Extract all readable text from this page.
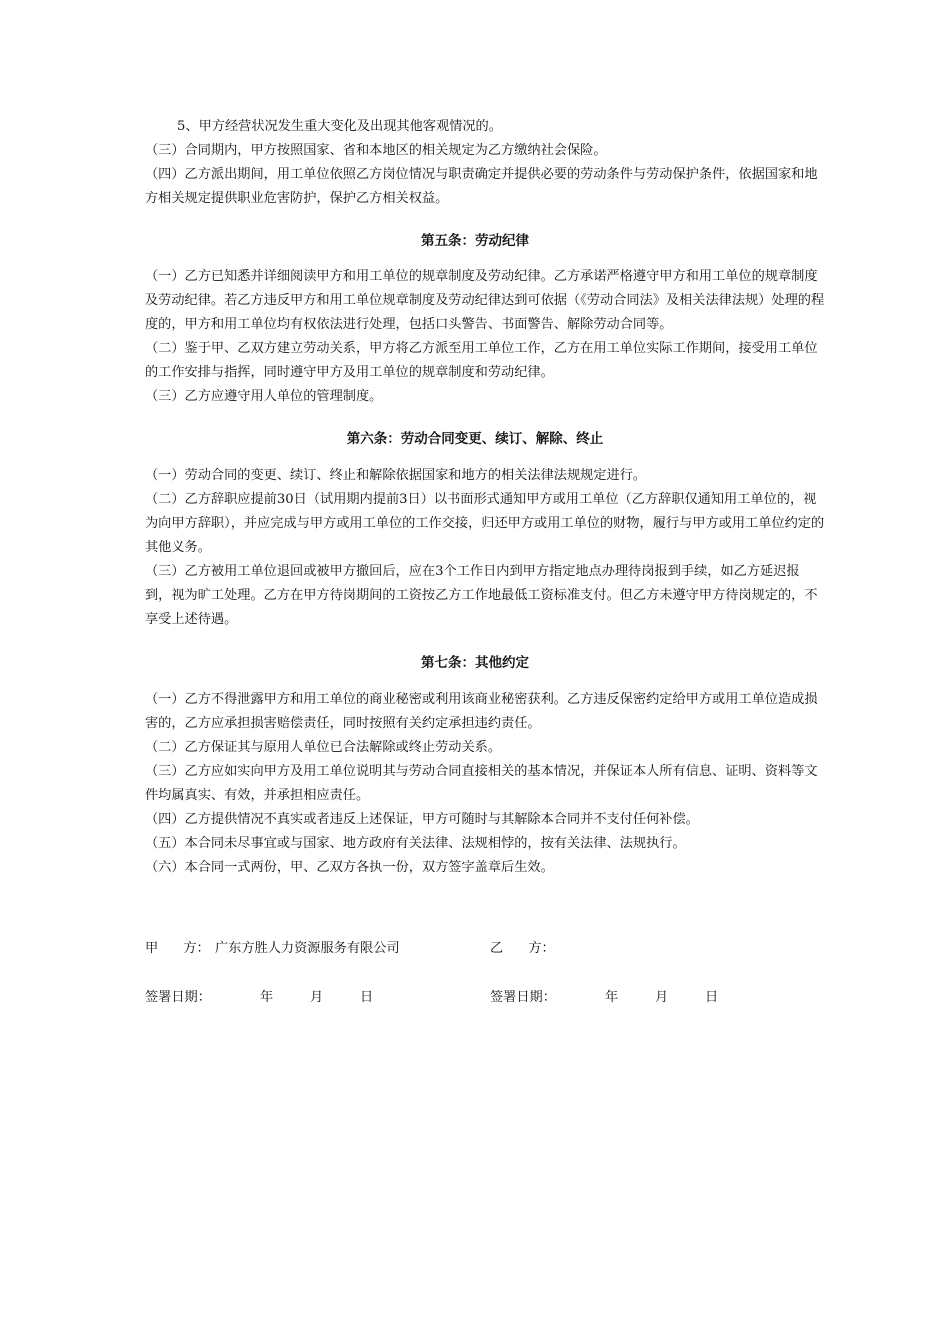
5、甲方经营状况发生重大变化及出现其他客观情况的。

（三）合同期内，甲方按照国家、省和本地区的相关规定为乙方缴纳社会保险。

（四）乙方派出期间，用工单位依照乙方岗位情况与职责确定并提供必要的劳动条件与劳动保护条件，依据国家和地方相关规定提供职业危害防护，保护乙方相关权益。

第五条：劳动纪律

（一）乙方已知悉并详细阅读甲方和用工单位的规章制度及劳动纪律。乙方承诺严格遵守甲方和用工单位的规章制度及劳动纪律。若乙方违反甲方和用工单位规章制度及劳动纪律达到可依据（《劳动合同法》及相关法律法规）处理的程度的，甲方和用工单位均有权依法进行处理，包括口头警告、书面警告、解除劳动合同等。

（二）鉴于甲、乙双方建立劳动关系，甲方将乙方派至用工单位工作，乙方在用工单位实际工作期间，接受用工单位的工作安排与指挥，同时遵守甲方及用工单位的规章制度和劳动纪律。

（三）乙方应遵守用人单位的管理制度。

第六条：劳动合同变更、续订、解除、终止

（一）劳动合同的变更、续订、终止和解除依据国家和地方的相关法律法规规定进行。

（二）乙方辞职应提前30日（试用期内提前3日）以书面形式通知甲方或用工单位（乙方辞职仅通知用工单位的，视为向甲方辞职），并应完成与甲方或用工单位的工作交接，归还甲方或用工单位的财物，履行与甲方或用工单位约定的其他义务。

（三）乙方被用工单位退回或被甲方撤回后，应在3个工作日内到甲方指定地点办理待岗报到手续，如乙方延迟报到，视为旷工处理。乙方在甲方待岗期间的工资按乙方工作地最低工资标准支付。但乙方未遵守甲方待岗规定的，不享受上述待遇。

第七条：其他约定

（一）乙方不得泄露甲方和用工单位的商业秘密或利用该商业秘密获利。乙方违反保密约定给甲方或用工单位造成损害的，乙方应承担损害赔偿责任，同时按照有关约定承担违约责任。

（二）乙方保证其与原用人单位已合法解除或终止劳动关系。

（三）乙方应如实向甲方及用工单位说明其与劳动合同直接相关的基本情况，并保证本人所有信息、证明、资料等文件均属真实、有效，并承担相应责任。

（四）乙方提供情况不真实或者违反上述保证，甲方可随时与其解除本合同并不支付任何补偿。

（五）本合同未尽事宜或与国家、地方政府有关法律、法规相悖的，按有关法律、法规执行。

（六）本合同一式两份，甲、乙双方各执一份，双方签字盖章后生效。

甲      方： 广东方胜人力资源服务有限公司	乙      方：
签署日期：	年	月	日	签署日期：	年	月	日
